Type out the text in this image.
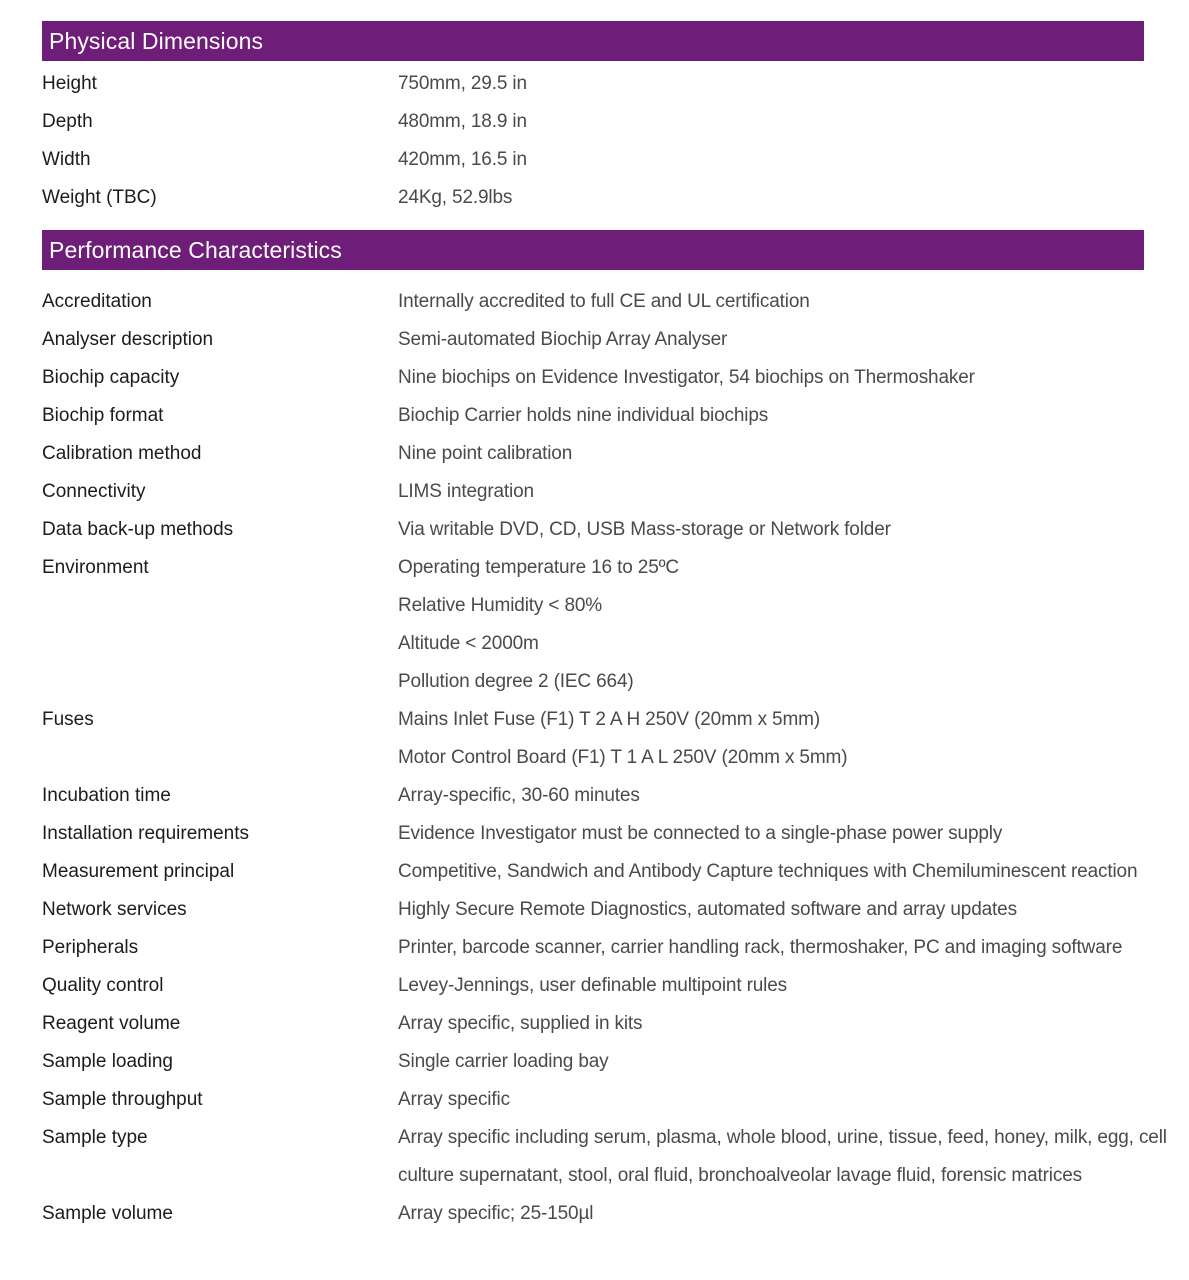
Physical Dimensions
Height	750mm, 29.5 in
Depth	480mm, 18.9 in
Width	420mm, 16.5 in
Weight (TBC)	24Kg, 52.9lbs
Performance Characteristics
Accreditation	Internally accredited to full CE and UL certification
Analyser description	Semi-automated Biochip Array Analyser
Biochip capacity	Nine biochips on Evidence Investigator, 54 biochips on Thermoshaker
Biochip format	Biochip Carrier holds nine individual biochips
Calibration method	Nine point calibration
Connectivity	LIMS integration
Data back-up methods	Via writable DVD, CD, USB Mass-storage or Network folder
Environment	Operating temperature 16 to 25ºC
Relative Humidity < 80%
Altitude < 2000m
Pollution degree 2 (IEC 664)
Fuses	Mains Inlet Fuse (F1) T 2 A H 250V (20mm x 5mm)
Motor Control Board (F1) T 1 A L 250V (20mm x 5mm)
Incubation time	Array-specific, 30-60 minutes
Installation requirements	Evidence Investigator must be connected to a single-phase power supply
Measurement principal	Competitive, Sandwich and Antibody Capture techniques with Chemiluminescent reaction
Network services	Highly Secure Remote Diagnostics, automated software and array updates
Peripherals	Printer, barcode scanner, carrier handling rack, thermoshaker, PC and imaging software
Quality control	Levey-Jennings, user definable multipoint rules
Reagent volume	Array specific, supplied in kits
Sample loading	Single carrier loading bay
Sample throughput	Array specific
Sample type	Array specific including serum, plasma, whole blood, urine, tissue, feed, honey, milk, egg, cell
culture supernatant, stool, oral fluid, bronchoalveolar lavage fluid, forensic matrices
Sample volume	Array specific; 25-150µl
